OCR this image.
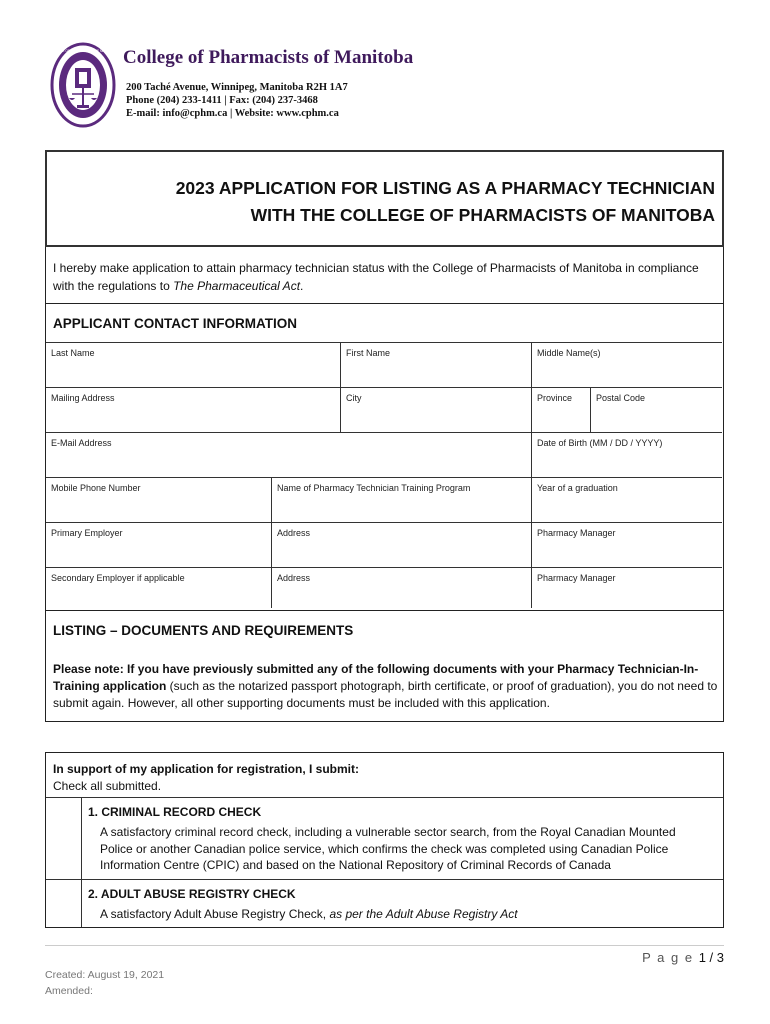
COLLEGE OF PHARMACISTS OF MANITOBA
Point of Service
College of Pharmacists of Manitoba
200 Taché Avenue, Winnipeg, Manitoba R2H 1A7
Phone (204) 233-1411 | Fax: (204) 237-3468
E-mail: info@cphm.ca | Website: www.cphm.ca
2023 APPLICATION FOR LISTING AS A PHARMACY TECHNICIAN
WITH THE COLLEGE OF PHARMACISTS OF MANITOBA
I hereby make application to attain pharmacy technician status with the College of Pharmacists of Manitoba in compliance with the regulations to The Pharmaceutical Act.
APPLICANT CONTACT INFORMATION
Last Name	First Name	Middle Name(s)
Mailing Address	City	Province	Postal Code
E-Mail Address	Date of Birth (MM / DD / YYYY)
Mobile Phone Number	Name of Pharmacy Technician Training Program	Year of a graduation
Primary Employer	Address	Pharmacy Manager
Secondary Employer if applicable	Address	Pharmacy Manager
LISTING – DOCUMENTS AND REQUIREMENTS
Please note: If you have previously submitted any of the following documents with your Pharmacy Technician-In-Training application (such as the notarized passport photograph, birth certificate, or proof of graduation), you do not need to submit again. However, all other supporting documents must be included with this application.
In support of my application for registration, I submit:
Check all submitted.
1. CRIMINAL RECORD CHECK
A satisfactory criminal record check, including a vulnerable sector search, from the Royal Canadian Mounted Police or another Canadian police service, which confirms the check was completed using Canadian Police Information Centre (CPIC) and based on the National Repository of Criminal Records of Canada
2. ADULT ABUSE REGISTRY CHECK
A satisfactory Adult Abuse Registry Check, as per the Adult Abuse Registry Act
P a g e 1 / 3
Created: August 19, 2021
Amended:
